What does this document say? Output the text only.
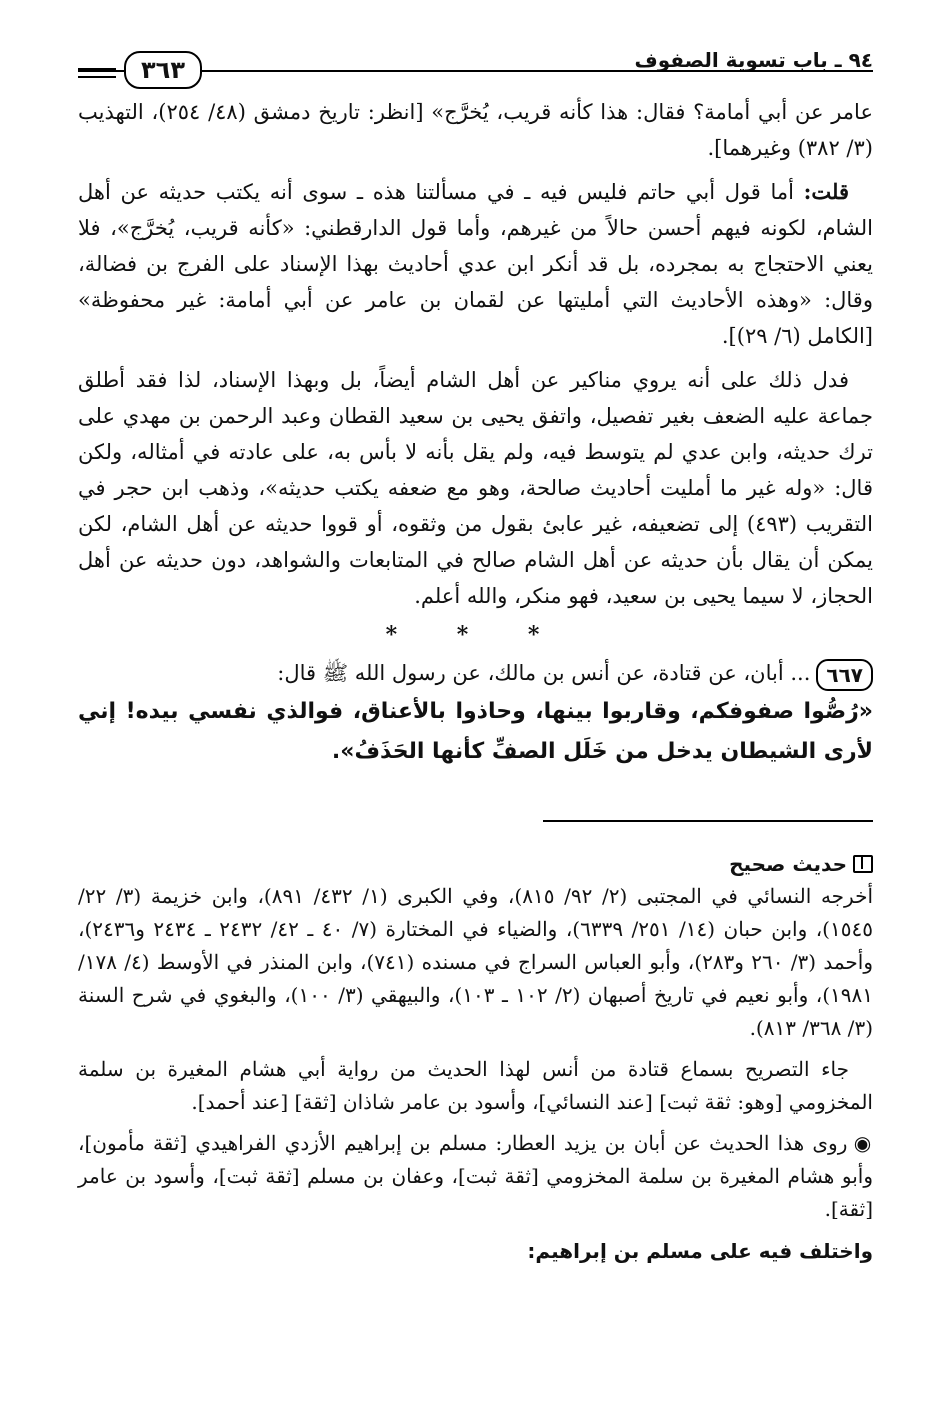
٩٤ ـ باب تسوية الصفوف
٣٦٣

عامر عن أبي أمامة؟ فقال: هذا كأنه قريب، يُخرَّج» [انظر: تاريخ دمشق (٤٨/ ٢٥٤)، التهذيب (٣/ ٣٨٢) وغيرهما].

قلت: أما قول أبي حاتم فليس فيه ـ في مسألتنا هذه ـ سوى أنه يكتب حديثه عن أهل الشام، لكونه فيهم أحسن حالاً من غيرهم، وأما قول الدارقطني: «كأنه قريب، يُخرَّج»، فلا يعني الاحتجاج به بمجرده، بل قد أنكر ابن عدي أحاديث بهذا الإسناد على الفرج بن فضالة، وقال: «وهذه الأحاديث التي أمليتها عن لقمان بن عامر عن أبي أمامة: غير محفوظة» [الكامل (٦/ ٢٩)].

فدل ذلك على أنه يروي مناكير عن أهل الشام أيضاً، بل وبهذا الإسناد، لذا فقد أطلق جماعة عليه الضعف بغير تفصيل، واتفق يحيى بن سعيد القطان وعبد الرحمن بن مهدي على ترك حديثه، وابن عدي لم يتوسط فيه، ولم يقل بأنه لا بأس به، على عادته في أمثاله، ولكن قال: «وله غير ما أمليت أحاديث صالحة، وهو مع ضعفه يكتب حديثه»، وذهب ابن حجر في التقريب (٤٩٣) إلى تضعيفه، غير عابئ بقول من وثقوه، أو قووا حديثه عن أهل الشام، لكن يمكن أن يقال بأن حديثه عن أهل الشام صالح في المتابعات والشواهد، دون حديثه عن أهل الحجاز، لا سيما يحيى بن سعيد، فهو منكر، والله أعلم.

* * *

٦٦٧... أبان، عن قتادة، عن أنس بن مالك، عن رسول الله ﷺ قال:

«رُصُّوا صفوفكم، وقاربوا بينها، وحاذوا بالأعناق، فوالذي نفسي بيده! إني لأرى الشيطان يدخل من خَلَل الصفِّ كأنها الحَذَفُ».

حديث صحيح

أخرجه النسائي في المجتبى (٢/ ٩٢/ ٨١٥)، وفي الكبرى (١/ ٤٣٢/ ٨٩١)، وابن خزيمة (٣/ ٢٢/ ١٥٤٥)، وابن حبان (١٤/ ٢٥١/ ٦٣٣٩)، والضياء في المختارة (٧/ ٤٠ ـ ٤٢/ ٢٤٣٢ ـ ٢٤٣٤ و٢٤٣٦)، وأحمد (٣/ ٢٦٠ و٢٨٣)، وأبو العباس السراج في مسنده (٧٤١)، وابن المنذر في الأوسط (٤/ ١٧٨/ ١٩٨١)، وأبو نعيم في تاريخ أصبهان (٢/ ١٠٢ ـ ١٠٣)، والبيهقي (٣/ ١٠٠)، والبغوي في شرح السنة (٣/ ٣٦٨/ ٨١٣).

جاء التصريح بسماع قتادة من أنس لهذا الحديث من رواية أبي هشام المغيرة بن سلمة المخزومي [وهو: ثقة ثبت] [عند النسائي]، وأسود بن عامر شاذان [ثقة] [عند أحمد].

◉ روى هذا الحديث عن أبان بن يزيد العطار: مسلم بن إبراهيم الأزدي الفراهيدي [ثقة مأمون]، وأبو هشام المغيرة بن سلمة المخزومي [ثقة ثبت]، وعفان بن مسلم [ثقة ثبت]، وأسود بن عامر [ثقة].

واختلف فيه على مسلم بن إبراهيم:
